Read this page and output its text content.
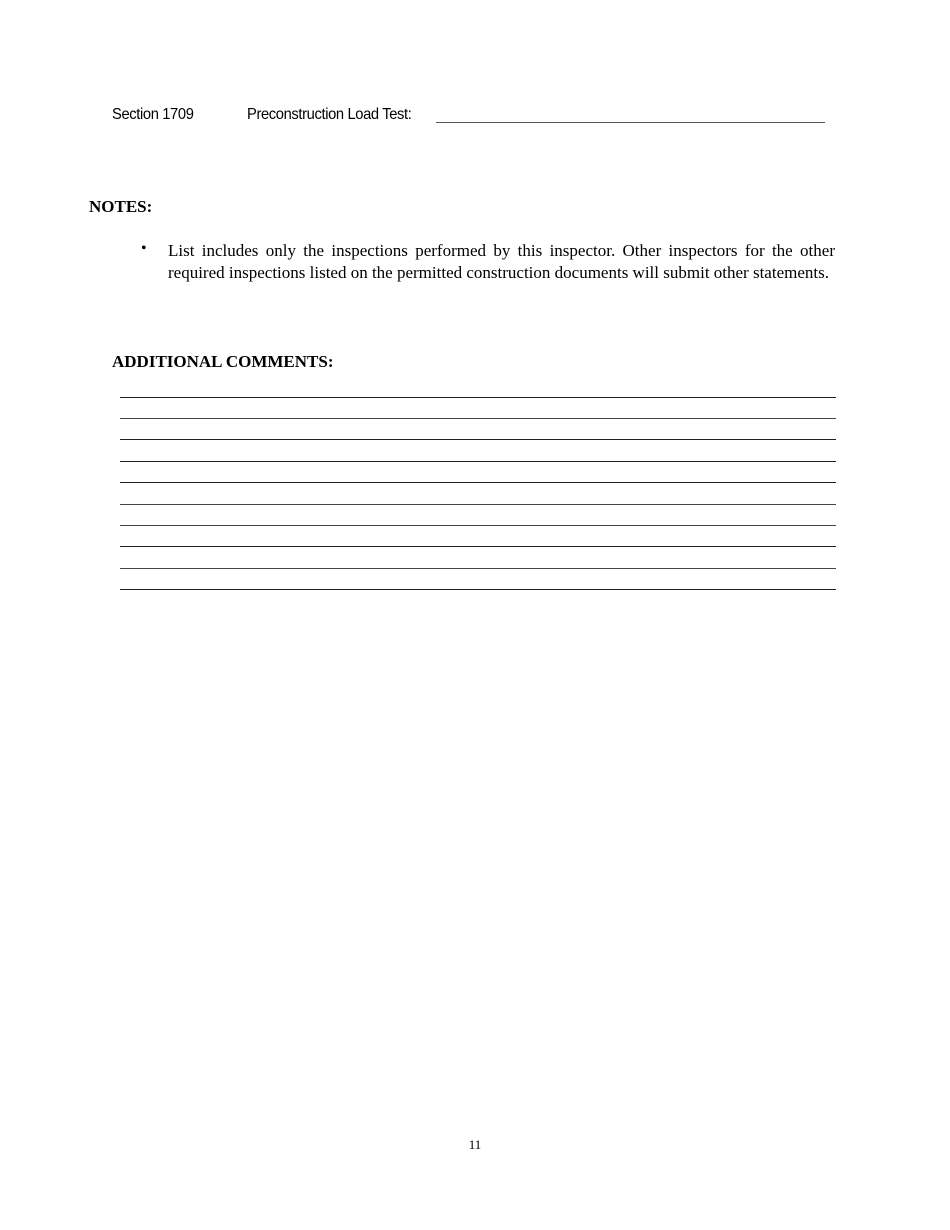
Section 1709	Preconstruction Load Test:
NOTES:
• List includes only the inspections performed by this inspector. Other inspectors for the other required inspections listed on the permitted construction documents will submit other statements.
ADDITIONAL COMMENTS:
11
